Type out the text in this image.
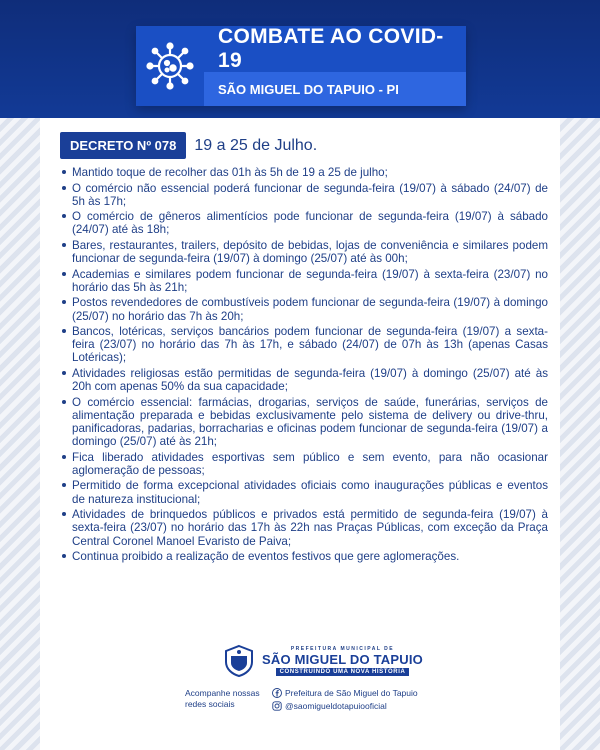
COMBATE AO COVID-19
SÃO MIGUEL DO TAPUIO - PI
DECRETO Nº 078	19 a 25 de Julho.
Mantido toque de recolher das 01h às 5h de 19 a 25 de julho;
O comércio não essencial poderá funcionar de segunda-feira (19/07) à sábado (24/07) de 5h às 17h;
O comércio de gêneros alimentícios pode funcionar de segunda-feira (19/07) à sábado (24/07) até às 18h;
Bares, restaurantes, trailers, depósito de bebidas, lojas de conveniência e similares podem funcionar de segunda-feira (19/07) à domingo (25/07) até às 00h;
Academias e similares podem funcionar de segunda-feira (19/07) à sexta-feira (23/07) no horário das 5h às 21h;
Postos revendedores de combustíveis podem funcionar de segunda-feira (19/07) à domingo (25/07) no horário das 7h às 20h;
Bancos, lotéricas, serviços bancários podem funcionar de segunda-feira (19/07) a sexta-feira (23/07) no horário das 7h às 17h, e sábado (24/07) de 07h às 13h (apenas Casas Lotéricas);
Atividades religiosas estão permitidas de segunda-feira (19/07) à domingo (25/07) até às 20h com apenas 50% da sua capacidade;
O comércio essencial: farmácias, drogarias, serviços de saúde, funerárias, serviços de alimentação preparada e bebidas exclusivamente pelo sistema de delivery ou drive-thru, panificadoras, padarias, borracharias e oficinas podem funcionar de segunda-feira (19/07) a domingo (25/07) até às 21h;
Fica liberado atividades esportivas sem público e sem evento, para não ocasionar aglomeração de pessoas;
Permitido de forma excepcional atividades oficiais como inaugurações públicas e eventos de natureza institucional;
Atividades de brinquedos públicos e privados está permitido de segunda-feira (19/07) à sexta-feira (23/07) no horário das 17h às 22h nas Praças Públicas, com exceção da Praça Central Coronel Manoel Evaristo de Paiva;
Continua proibido a realização de eventos festivos que gere aglomerações.
PREFEITURA MUNICIPAL DE
SÃO MIGUEL DO TAPUIO
CONSTRUINDO UMA NOVA HISTÓRIA
Acompanhe nossas redes sociais
Prefeitura de São Miguel do Tapuio
@saomigueldotapuiooficial
